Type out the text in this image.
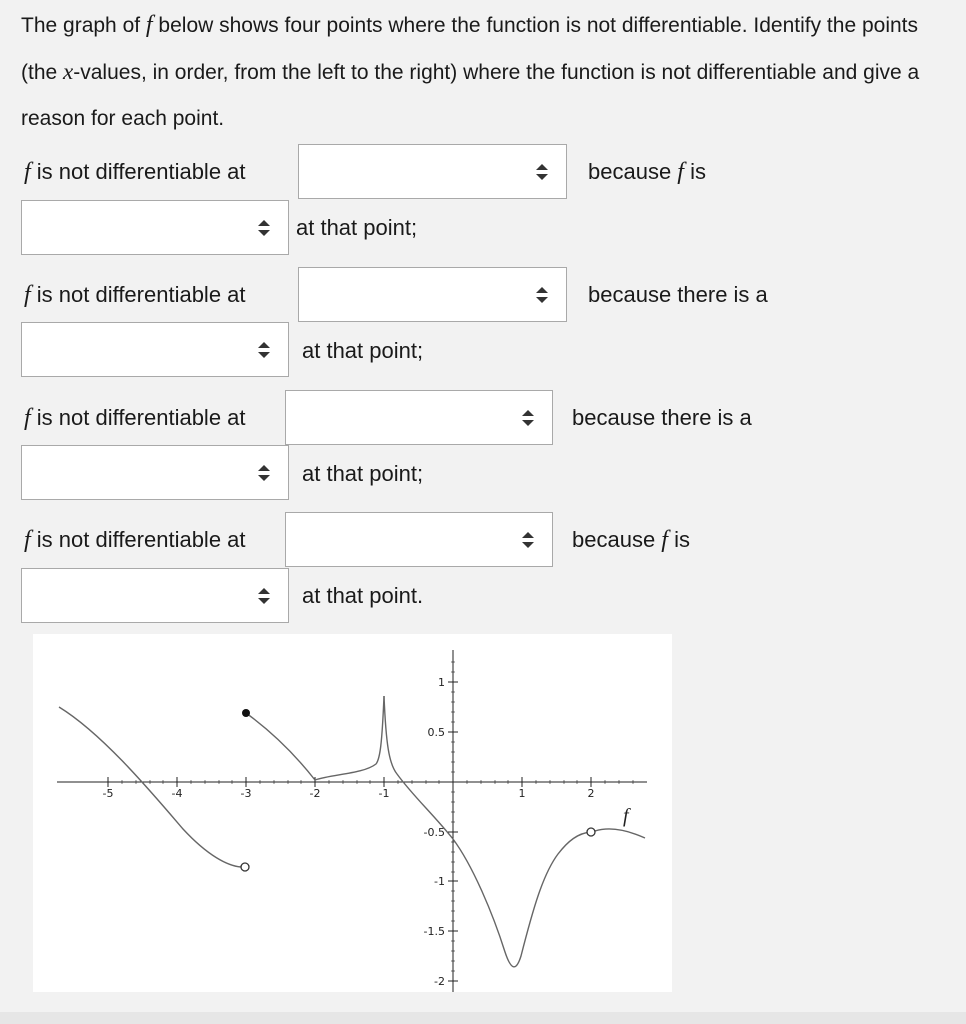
The graph of f below shows four points where the function is not differentiable. Identify the points (the x-values, in order, from the left to the right) where the function is not differentiable and give a reason for each point.
f is not differentiable at	because f is
at that point;
f is not differentiable at	because there is a
at that point;
f is not differentiable at	because there is a
at that point;
f is not differentiable at	because f is
at that point.
-5	-4	-3	-2	-1	1	2
1
0.5
-0.5
-1
-1.5
-2
f
